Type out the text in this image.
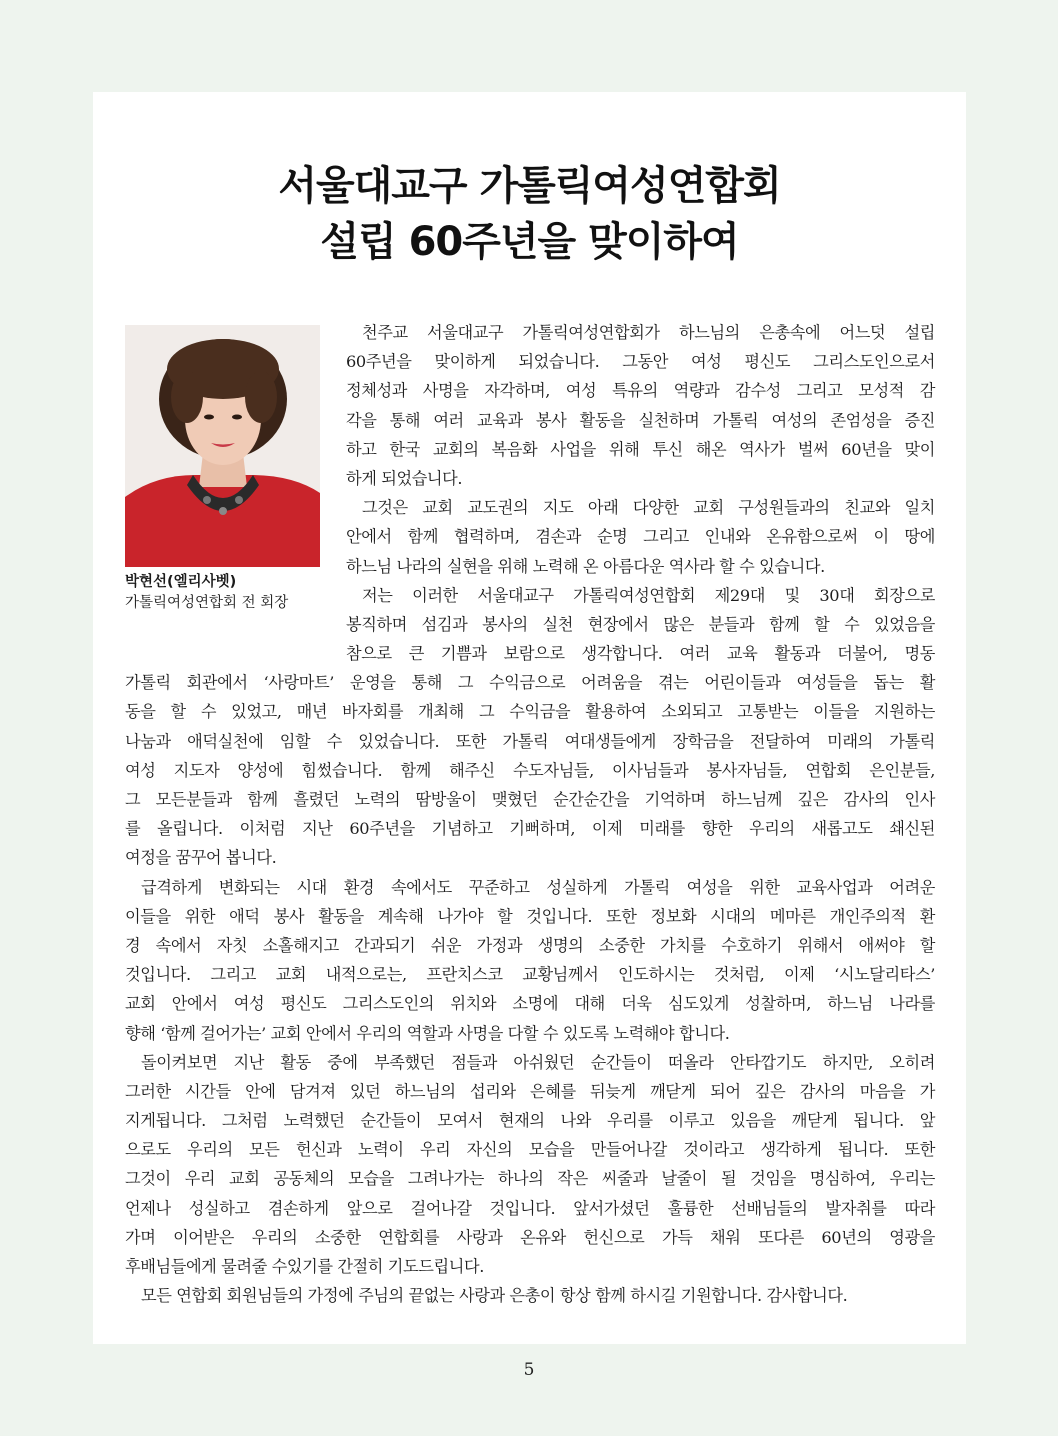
서울대교구 가톨릭여성연합회
설립 60주년을 맞이하여
박현선(엘리사벳)
가톨릭여성연합회 전 회장
천주교 서울대교구 가톨릭여성연합회가 하느님의 은총속에 어느덧 설립
60주년을 맞이하게 되었습니다. 그동안 여성 평신도 그리스도인으로서
정체성과 사명을 자각하며, 여성 특유의 역량과 감수성 그리고 모성적 감
각을 통해 여러 교육과 봉사 활동을 실천하며 가톨릭 여성의 존엄성을 증진
하고 한국 교회의 복음화 사업을 위해 투신 해온 역사가 벌써 60년을 맞이
하게 되었습니다.
그것은 교회 교도권의 지도 아래 다양한 교회 구성원들과의 친교와 일치
안에서 함께 협력하며, 겸손과 순명 그리고 인내와 온유함으로써 이 땅에
하느님 나라의 실현을 위해 노력해 온 아름다운 역사라 할 수 있습니다.
저는 이러한 서울대교구 가톨릭여성연합회 제29대 및 30대 회장으로
봉직하며 섬김과 봉사의 실천 현장에서 많은 분들과 함께 할 수 있었음을
참으로 큰 기쁨과 보람으로 생각합니다. 여러 교육 활동과 더불어, 명동
가톨릭 회관에서 ‘사랑마트’ 운영을 통해 그 수익금으로 어려움을 겪는 어린이들과 여성들을 돕는 활
동을 할 수 있었고, 매년 바자회를 개최해 그 수익금을 활용하여 소외되고 고통받는 이들을 지원하는
나눔과 애덕실천에 임할 수 있었습니다. 또한 가톨릭 여대생들에게 장학금을 전달하여 미래의 가톨릭
여성 지도자 양성에 힘썼습니다. 함께 해주신 수도자님들, 이사님들과 봉사자님들, 연합회 은인분들,
그 모든분들과 함께 흘렸던 노력의 땀방울이 맺혔던 순간순간을 기억하며 하느님께 깊은 감사의 인사
를 올립니다. 이처럼 지난 60주년을 기념하고 기뻐하며, 이제 미래를 향한 우리의 새롭고도 쇄신된
여정을 꿈꾸어 봅니다.
급격하게 변화되는 시대 환경 속에서도 꾸준하고 성실하게 가톨릭 여성을 위한 교육사업과 어려운
이들을 위한 애덕 봉사 활동을 계속해 나가야 할 것입니다. 또한 정보화 시대의 메마른 개인주의적 환
경 속에서 자칫 소홀해지고 간과되기 쉬운 가정과 생명의 소중한 가치를 수호하기 위해서 애써야 할
것입니다. 그리고 교회 내적으로는, 프란치스코 교황님께서 인도하시는 것처럼, 이제 ‘시노달리타스’
교회 안에서 여성 평신도 그리스도인의 위치와 소명에 대해 더욱 심도있게 성찰하며, 하느님 나라를
향해 ‘함께 걸어가는’ 교회 안에서 우리의 역할과 사명을 다할 수 있도록 노력해야 합니다.
돌이켜보면 지난 활동 중에 부족했던 점들과 아쉬웠던 순간들이 떠올라 안타깝기도 하지만, 오히려
그러한 시간들 안에 담겨져 있던 하느님의 섭리와 은혜를 뒤늦게 깨닫게 되어 깊은 감사의 마음을 가
지게됩니다. 그처럼 노력했던 순간들이 모여서 현재의 나와 우리를 이루고 있음을 깨닫게 됩니다. 앞
으로도 우리의 모든 헌신과 노력이 우리 자신의 모습을 만들어나갈 것이라고 생각하게 됩니다. 또한
그것이 우리 교회 공동체의 모습을 그려나가는 하나의 작은 씨줄과 날줄이 될 것임을 명심하여, 우리는
언제나 성실하고 겸손하게 앞으로 걸어나갈 것입니다. 앞서가셨던 훌륭한 선배님들의 발자취를 따라
가며 이어받은 우리의 소중한 연합회를 사랑과 온유와 헌신으로 가득 채워 또다른 60년의 영광을
후배님들에게 물려줄 수있기를 간절히 기도드립니다.
모든 연합회 회원님들의 가정에 주님의 끝없는 사랑과 은총이 항상 함께 하시길 기원합니다. 감사합니다.
5
